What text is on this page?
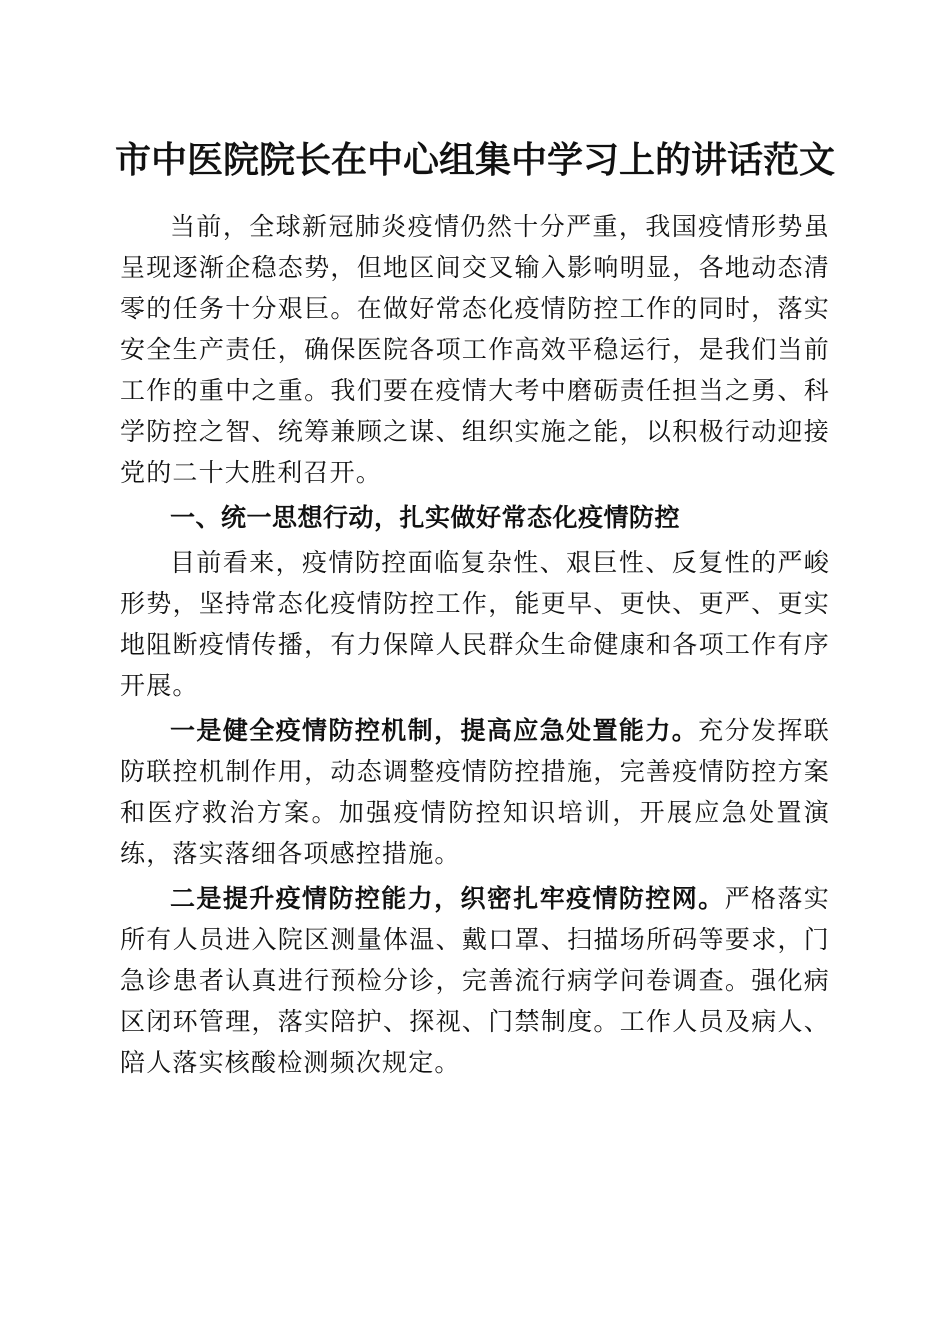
市中医院院长在中心组集中学习上的讲话范文

当前，全球新冠肺炎疫情仍然十分严重，我国疫情形势虽呈现逐渐企稳态势，但地区间交叉输入影响明显，各地动态清零的任务十分艰巨。在做好常态化疫情防控工作的同时，落实安全生产责任，确保医院各项工作高效平稳运行，是我们当前工作的重中之重。我们要在疫情大考中磨砺责任担当之勇、科学防控之智、统筹兼顾之谋、组织实施之能，以积极行动迎接党的二十大胜利召开。

一、统一思想行动，扎实做好常态化疫情防控

目前看来，疫情防控面临复杂性、艰巨性、反复性的严峻形势，坚持常态化疫情防控工作，能更早、更快、更严、更实地阻断疫情传播，有力保障人民群众生命健康和各项工作有序开展。

一是健全疫情防控机制，提高应急处置能力。充分发挥联防联控机制作用，动态调整疫情防控措施，完善疫情防控方案和医疗救治方案。加强疫情防控知识培训，开展应急处置演练，落实落细各项感控措施。

二是提升疫情防控能力，织密扎牢疫情防控网。严格落实所有人员进入院区测量体温、戴口罩、扫描场所码等要求，门急诊患者认真进行预检分诊，完善流行病学问卷调查。强化病区闭环管理，落实陪护、探视、门禁制度。工作人员及病人、陪人落实核酸检测频次规定。
